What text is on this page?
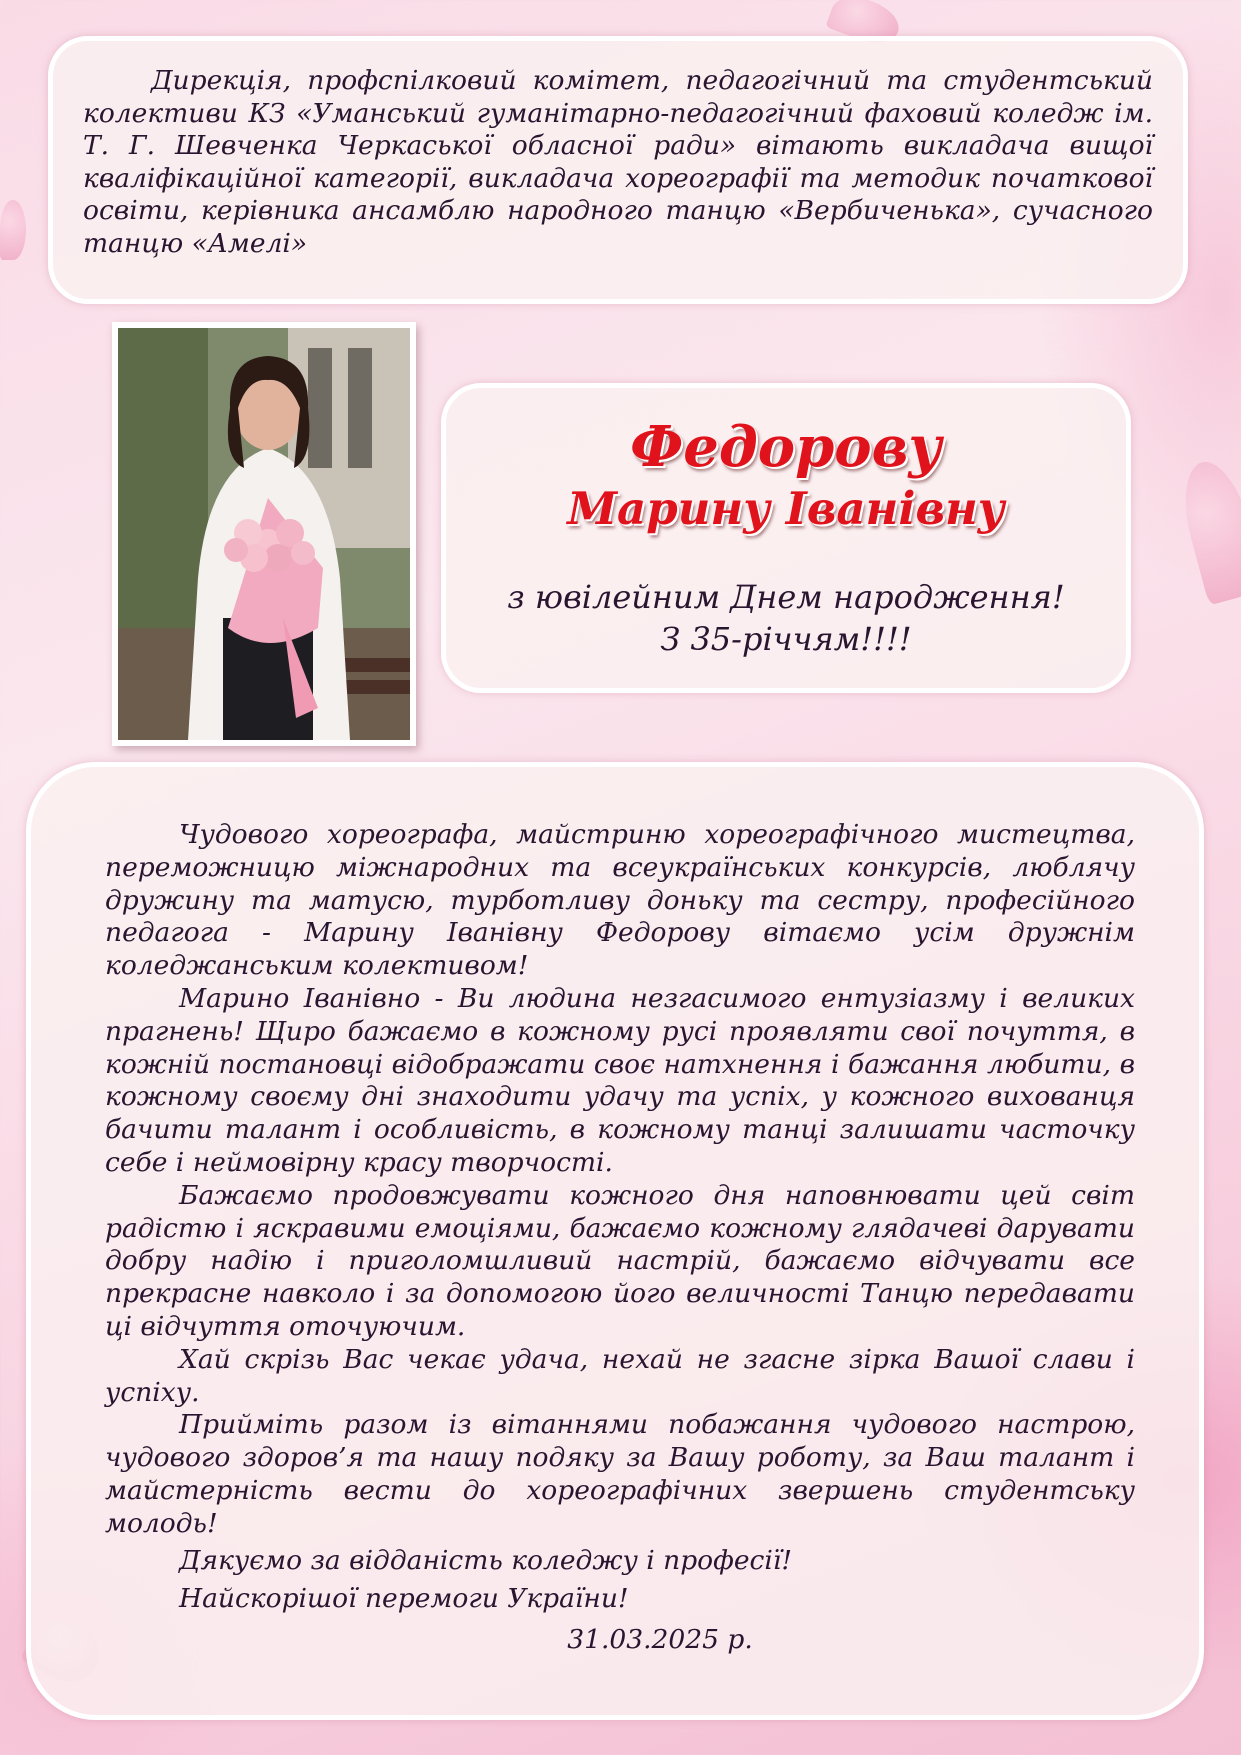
Дирекція, профспілковий комітет, педагогічний та студентський колективи КЗ «Уманський гуманітарно-педагогічний фаховий коледж ім. Т. Г. Шевченка Черкаської обласної ради» вітають викладача вищої кваліфікаційної категорії, викладача хореографії та методик початкової освіти, керівника ансамблю народного танцю «Вербиченька», сучасного танцю «Амелі»

Федорову

Марину Іванівну

з ювілейним Днем народження!

З 35-річчям!!!!

Чудового хореографа, майстриню хореографічного мистецтва, переможницю міжнародних та всеукраїнських конкурсів, люблячу дружину та матусю, турботливу доньку та сестру, професійного педагога - Марину Іванівну Федорову вітаємо усім дружнім коледжанським колективом!

Марино Іванівно - Ви людина незгасимого ентузіазму і великих прагнень! Щиро бажаємо в кожному русі проявляти свої почуття, в кожній постановці відображати своє натхнення і бажання любити, в кожному своєму дні знаходити удачу та успіх, у кожного вихованця бачити талант і особливість, в кожному танці залишати часточку себе і неймовірну красу творчості.

Бажаємо продовжувати кожного дня наповнювати цей світ радістю і яскравими емоціями, бажаємо кожному глядачеві дарувати добру надію і приголомшливий настрій, бажаємо відчувати все прекрасне навколо і за допомогою його величності Танцю передавати ці відчуття оточуючим.

Хай скрізь Вас чекає удача, нехай не згасне зірка Вашої слави і успіху.

Прийміть разом із вітаннями побажання чудового настрою, чудового здоров’я та нашу подяку за Вашу роботу, за Ваш талант і майстерність вести до хореографічних звершень студентську молодь!

Дякуємо за відданість коледжу і професії!

Найскорішої перемоги України!

31.03.2025 р.
